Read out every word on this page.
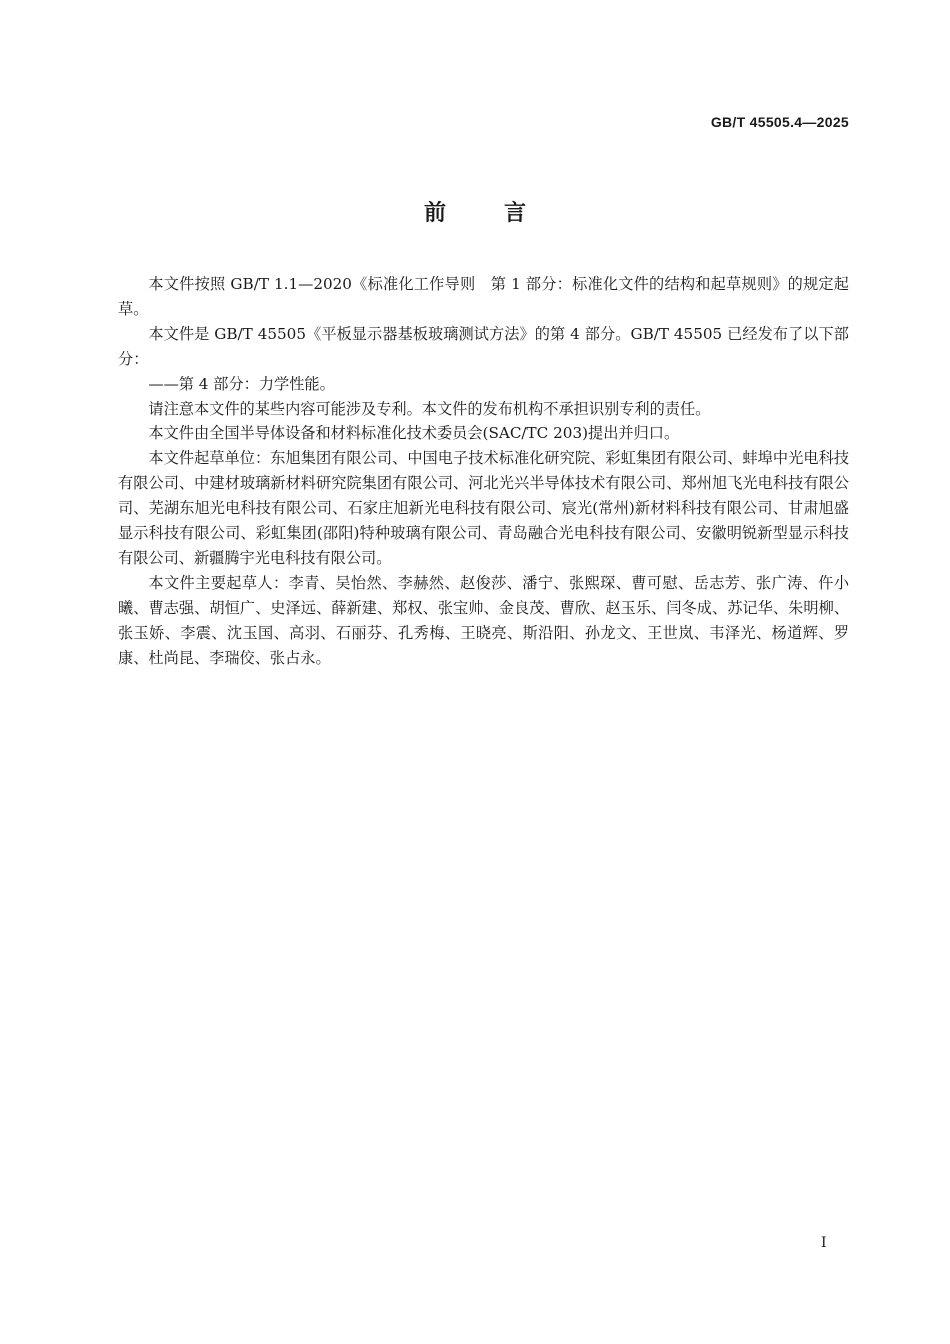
GB/T 45505.4—2025
前言

本文件按照 GB/T 1.1—2020《标准化工作导则　第 1 部分：标准化文件的结构和起草规则》的规定起草。

本文件是 GB/T 45505《平板显示器基板玻璃测试方法》的第 4 部分。GB/T 45505 已经发布了以下部分：

——第 4 部分：力学性能。

请注意本文件的某些内容可能涉及专利。本文件的发布机构不承担识别专利的责任。

本文件由全国半导体设备和材料标准化技术委员会(SAC/TC 203)提出并归口。

本文件起草单位：东旭集团有限公司、中国电子技术标准化研究院、彩虹集团有限公司、蚌埠中光电科技有限公司、中建材玻璃新材料研究院集团有限公司、河北光兴半导体技术有限公司、郑州旭飞光电科技有限公司、芜湖东旭光电科技有限公司、石家庄旭新光电科技有限公司、宸光(常州)新材料科技有限公司、甘肃旭盛显示科技有限公司、彩虹集团(邵阳)特种玻璃有限公司、青岛融合光电科技有限公司、安徽明锐新型显示科技有限公司、新疆腾宇光电科技有限公司。

本文件主要起草人：李青、吴怡然、李赫然、赵俊莎、潘宁、张熙琛、曹可慰、岳志芳、张广涛、仵小曦、曹志强、胡恒广、史泽远、薛新建、郑权、张宝帅、金良茂、曹欣、赵玉乐、闫冬成、苏记华、朱明柳、张玉娇、李震、沈玉国、高羽、石丽芬、孔秀梅、王晓亮、斯沿阳、孙龙文、王世岚、韦泽光、杨道辉、罗康、杜尚昆、李瑞佼、张占永。

I
